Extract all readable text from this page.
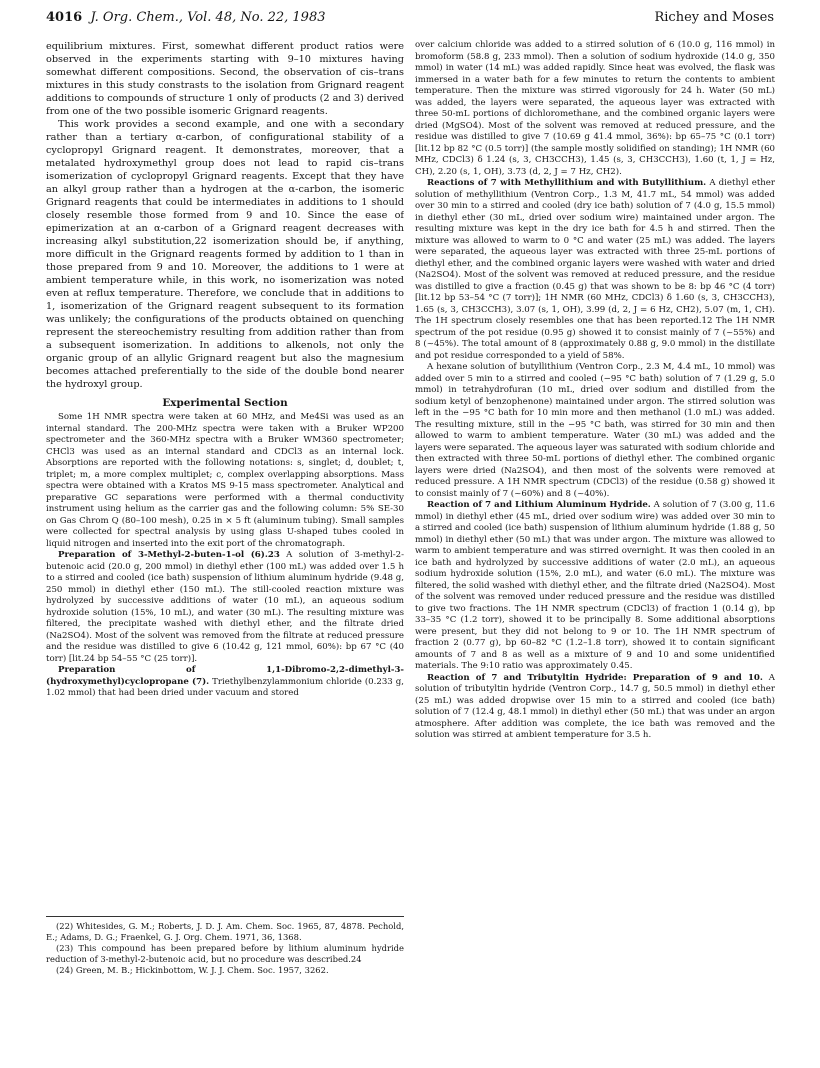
4016 J. Org. Chem., Vol. 48, No. 22, 1983	Richey and Moses

equilibrium mixtures. First, somewhat different product ratios were observed in the experiments starting with 9–10 mixtures having somewhat different compositions. Second, the observation of cis–trans mixtures in this study constrasts to the isolation from Grignard reagent additions to compounds of structure 1 only of products (2 and 3) derived from one of the two possible isomeric Grignard reagents.

This work provides a second example, and one with a secondary rather than a tertiary α-carbon, of configurational stability of a cyclopropyl Grignard reagent. It demonstrates, moreover, that a metalated hydroxymethyl group does not lead to rapid cis–trans isomerization of cyclopropyl Grignard reagents. Except that they have an alkyl group rather than a hydrogen at the α-carbon, the isomeric Grignard reagents that could be intermediates in additions to 1 should closely resemble those formed from 9 and 10. Since the ease of epimerization at an α-carbon of a Grignard reagent decreases with increasing alkyl substitution,22 isomerization should be, if anything, more difficult in the Grignard reagents formed by addition to 1 than in those prepared from 9 and 10. Moreover, the additions to 1 were at ambient temperature while, in this work, no isomerization was noted even at reflux temperature. Therefore, we conclude that in additions to 1, isomerization of the Grignard reagent subsequent to its formation was unlikely; the configurations of the products obtained on quenching represent the stereochemistry resulting from addition rather than from a subsequent isomerization. In additions to alkenols, not only the organic group of an allylic Grignard reagent but also the magnesium becomes attached preferentially to the side of the double bond nearer the hydroxyl group.

Experimental Section

Some 1H NMR spectra were taken at 60 MHz, and Me4Si was used as an internal standard. The 200-MHz spectra were taken with a Bruker WP200 spectrometer and the 360-MHz spectra with a Bruker WM360 spectrometer; CHCl3 was used as an internal standard and CDCl3 as an internal lock. Absorptions are reported with the following notations: s, singlet; d, doublet; t, triplet; m, a more complex multiplet; c, complex overlapping absorptions. Mass spectra were obtained with a Kratos MS 9-15 mass spectrometer. Analytical and preparative GC separations were performed with a thermal conductivity instrument using helium as the carrier gas and the following column: 5% SE-30 on Gas Chrom Q (80–100 mesh), 0.25 in × 5 ft (aluminum tubing). Small samples were collected for spectral analysis by using glass U-shaped tubes cooled in liquid nitrogen and inserted into the exit port of the chromatograph.

Preparation of 3-Methyl-2-buten-1-ol (6).23 A solution of 3-methyl-2-butenoic acid (20.0 g, 200 mmol) in diethyl ether (100 mL) was added over 1.5 h to a stirred and cooled (ice bath) suspension of lithium aluminum hydride (9.48 g, 250 mmol) in diethyl ether (150 mL). The still-cooled reaction mixture was hydrolyzed by successive additions of water (10 mL), an aqueous sodium hydroxide solution (15%, 10 mL), and water (30 mL). The resulting mixture was filtered, the precipitate washed with diethyl ether, and the filtrate dried (Na2SO4). Most of the solvent was removed from the filtrate at reduced pressure and the residue was distilled to give 6 (10.42 g, 121 mmol, 60%): bp 67 °C (40 torr) [lit.24 bp 54–55 °C (25 torr)].

Preparation of 1,1-Dibromo-2,2-dimethyl-3-(hydroxymethyl)cyclopropane (7). Triethylbenzylammonium chloride (0.233 g, 1.02 mmol) that had been dried under vacuum and stored

(22) Whitesides, G. M.; Roberts, J. D. J. Am. Chem. Soc. 1965, 87, 4878. Pechold, E.; Adams, D. G.; Fraenkel, G. J. Org. Chem. 1971, 36, 1368.

(23) This compound has been prepared before by lithium aluminum hydride reduction of 3-methyl-2-butenoic acid, but no procedure was described.24

(24) Green, M. B.; Hickinbottom, W. J. J. Chem. Soc. 1957, 3262.

over calcium chloride was added to a stirred solution of 6 (10.0 g, 116 mmol) in bromoform (58.8 g, 233 mmol). Then a solution of sodium hydroxide (14.0 g, 350 mmol) in water (14 mL) was added rapidly. Since heat was evolved, the flask was immersed in a water bath for a few minutes to return the contents to ambient temperature. Then the mixture was stirred vigorously for 24 h. Water (50 mL) was added, the layers were separated, the aqueous layer was extracted with three 50-mL portions of dichloromethane, and the combined organic layers were dried (MgSO4). Most of the solvent was removed at reduced pressure, and the residue was distilled to give 7 (10.69 g 41.4 mmol, 36%): bp 65–75 °C (0.1 torr) [lit.12 bp 82 °C (0.5 torr)] (the sample mostly solidified on standing); 1H NMR (60 MHz, CDCl3) δ 1.24 (s, 3, CH3CCH3), 1.45 (s, 3, CH3CCH3), 1.60 (t, 1, J = Hz, CH), 2.20 (s, 1, OH), 3.73 (d, 2, J = 7 Hz, CH2).

Reactions of 7 with Methyllithium and with Butyllithium. A diethyl ether solution of methyllithium (Ventron Corp., 1.3 M, 41.7 mL, 54 mmol) was added over 30 min to a stirred and cooled (dry ice bath) solution of 7 (4.0 g, 15.5 mmol) in diethyl ether (30 mL, dried over sodium wire) maintained under argon. The resulting mixture was kept in the dry ice bath for 4.5 h and stirred. Then the mixture was allowed to warm to 0 °C and water (25 mL) was added. The layers were separated, the aqueous layer was extracted with three 25-mL portions of diethyl ether, and the combined organic layers were washed with water and dried (Na2SO4). Most of the solvent was removed at reduced pressure, and the residue was distilled to give a fraction (0.45 g) that was shown to be 8: bp 46 °C (4 torr) [lit.12 bp 53–54 °C (7 torr)]; 1H NMR (60 MHz, CDCl3) δ 1.60 (s, 3, CH3CCH3), 1.65 (s, 3, CH3CCH3), 3.07 (s, 1, OH), 3.99 (d, 2, J = 6 Hz, CH2), 5.07 (m, 1, CH). The 1H spectrum closely resembles one that has been reported.12 The 1H NMR spectrum of the pot residue (0.95 g) showed it to consist mainly of 7 (~55%) and 8 (~45%). The total amount of 8 (approximately 0.88 g, 9.0 mmol) in the distillate and pot residue corresponded to a yield of 58%.

A hexane solution of butyllithium (Ventron Corp., 2.3 M, 4.4 mL, 10 mmol) was added over 5 min to a stirred and cooled (−95 °C bath) solution of 7 (1.29 g, 5.0 mmol) in tetrahydrofuran (10 mL, dried over sodium and distilled from the sodium ketyl of benzophenone) maintained under argon. The stirred solution was left in the −95 °C bath for 10 min more and then methanol (1.0 mL) was added. The resulting mixture, still in the −95 °C bath, was stirred for 30 min and then allowed to warm to ambient temperature. Water (30 mL) was added and the layers were separated. The aqueous layer was saturated with sodium chloride and then extracted with three 50-mL portions of diethyl ether. The combined organic layers were dried (Na2SO4), and then most of the solvents were removed at reduced pressure. A 1H NMR spectrum (CDCl3) of the residue (0.58 g) showed it to consist mainly of 7 (~60%) and 8 (~40%).

Reaction of 7 and Lithium Aluminum Hydride. A solution of 7 (3.00 g, 11.6 mmol) in diethyl ether (45 mL, dried over sodium wire) was added over 30 min to a stirred and cooled (ice bath) suspension of lithium aluminum hydride (1.88 g, 50 mmol) in diethyl ether (50 mL) that was under argon. The mixture was allowed to warm to ambient temperature and was stirred overnight. It was then cooled in an ice bath and hydrolyzed by successive additions of water (2.0 mL), an aqueous sodium hydroxide solution (15%, 2.0 mL), and water (6.0 mL). The mixture was filtered, the solid washed with diethyl ether, and the filtrate dried (Na2SO4). Most of the solvent was removed under reduced pressure and the residue was distilled to give two fractions. The 1H NMR spectrum (CDCl3) of fraction 1 (0.14 g), bp 33–35 °C (1.2 torr), showed it to be principally 8. Some additional absorptions were present, but they did not belong to 9 or 10. The 1H NMR spectrum of fraction 2 (0.77 g), bp 60–82 °C (1.2–1.8 torr), showed it to contain significant amounts of 7 and 8 as well as a mixture of 9 and 10 and some unidentified materials. The 9:10 ratio was approximately 0.45.

Reaction of 7 and Tributyltin Hydride: Preparation of 9 and 10. A solution of tributyltin hydride (Ventron Corp., 14.7 g, 50.5 mmol) in diethyl ether (25 mL) was added dropwise over 15 min to a stirred and cooled (ice bath) solution of 7 (12.4 g, 48.1 mmol) in diethyl ether (50 mL) that was under an argon atmosphere. After addition was complete, the ice bath was removed and the solution was stirred at ambient temperature for 3.5 h.
